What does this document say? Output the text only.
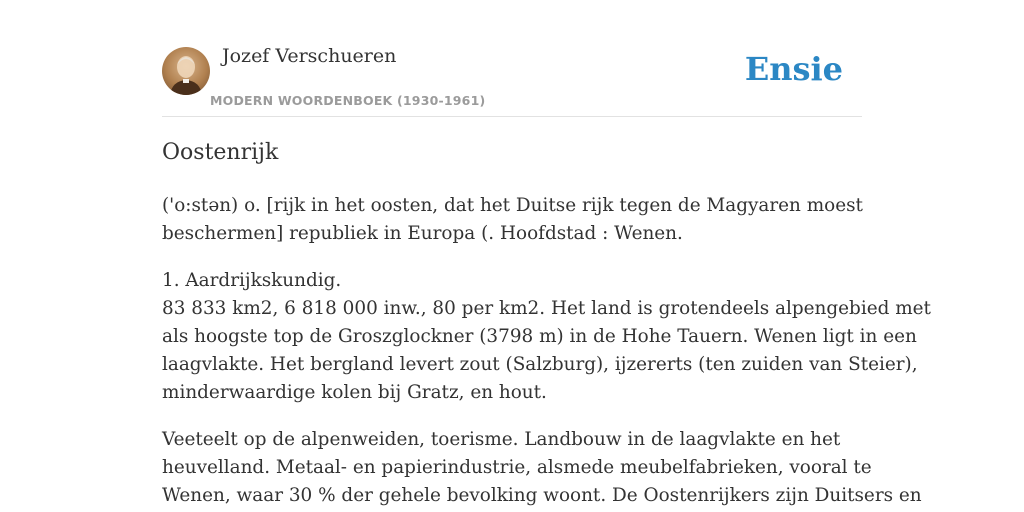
Jozef Verschueren
MODERN WOORDENBOEK (1930-1961)
Ensie
Oostenrijk

('o:stən) o. [rijk in het oosten, dat het Duitse rijk tegen de Magyaren moest
beschermen] republiek in Europa (. Hoofdstad : Wenen.

1. Aardrijkskundig.
83 833 km2, 6 818 000 inw., 80 per km2. Het land is grotendeels alpengebied met
als hoogste top de Groszglockner (3798 m) in de Hohe Tauern. Wenen ligt in een
laagvlakte. Het bergland levert zout (Salzburg), ijzererts (ten zuiden van Steier),
minderwaardige kolen bij Gratz, en hout.

Veeteelt op de alpenweiden, toerisme. Landbouw in de laagvlakte en het
heuvelland. Metaal- en papierindustrie, alsmede meubelfabrieken, vooral te
Wenen, waar 30 % der gehele bevolking woont. De Oostenrijkers zijn Duitsers en
